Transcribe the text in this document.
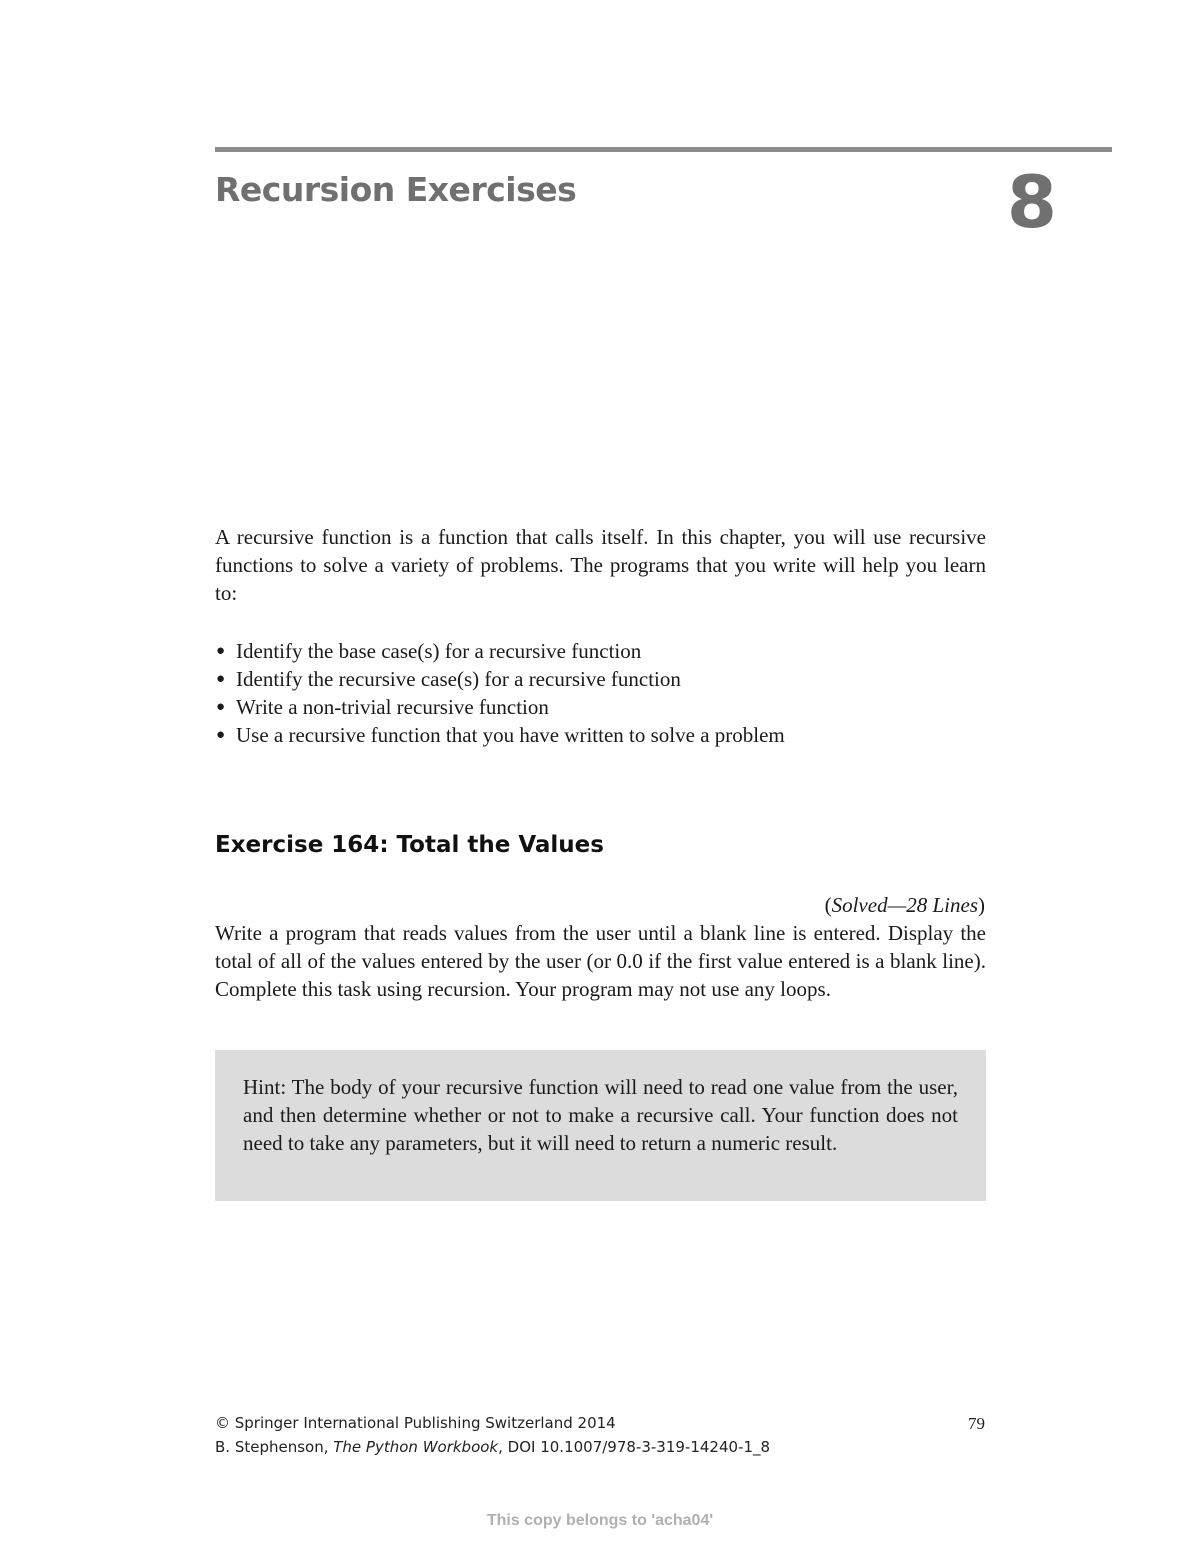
Recursion Exercises	8
A recursive function is a function that calls itself. In this chapter, you will use recursive functions to solve a variety of problems. The programs that you write will help you learn to:
● Identify the base case(s) for a recursive function
● Identify the recursive case(s) for a recursive function
● Write a non-trivial recursive function
● Use a recursive function that you have written to solve a problem
Exercise 164: Total the Values
(Solved—28 Lines)
Write a program that reads values from the user until a blank line is entered. Display the total of all of the values entered by the user (or 0.0 if the first value entered is a blank line). Complete this task using recursion. Your program may not use any loops.
Hint: The body of your recursive function will need to read one value from the user, and then determine whether or not to make a recursive call. Your function does not need to take any parameters, but it will need to return a numeric result.
© Springer International Publishing Switzerland 2014
B. Stephenson, The Python Workbook, DOI 10.1007/978-3-319-14240-1_8
79
This copy belongs to 'acha04'
